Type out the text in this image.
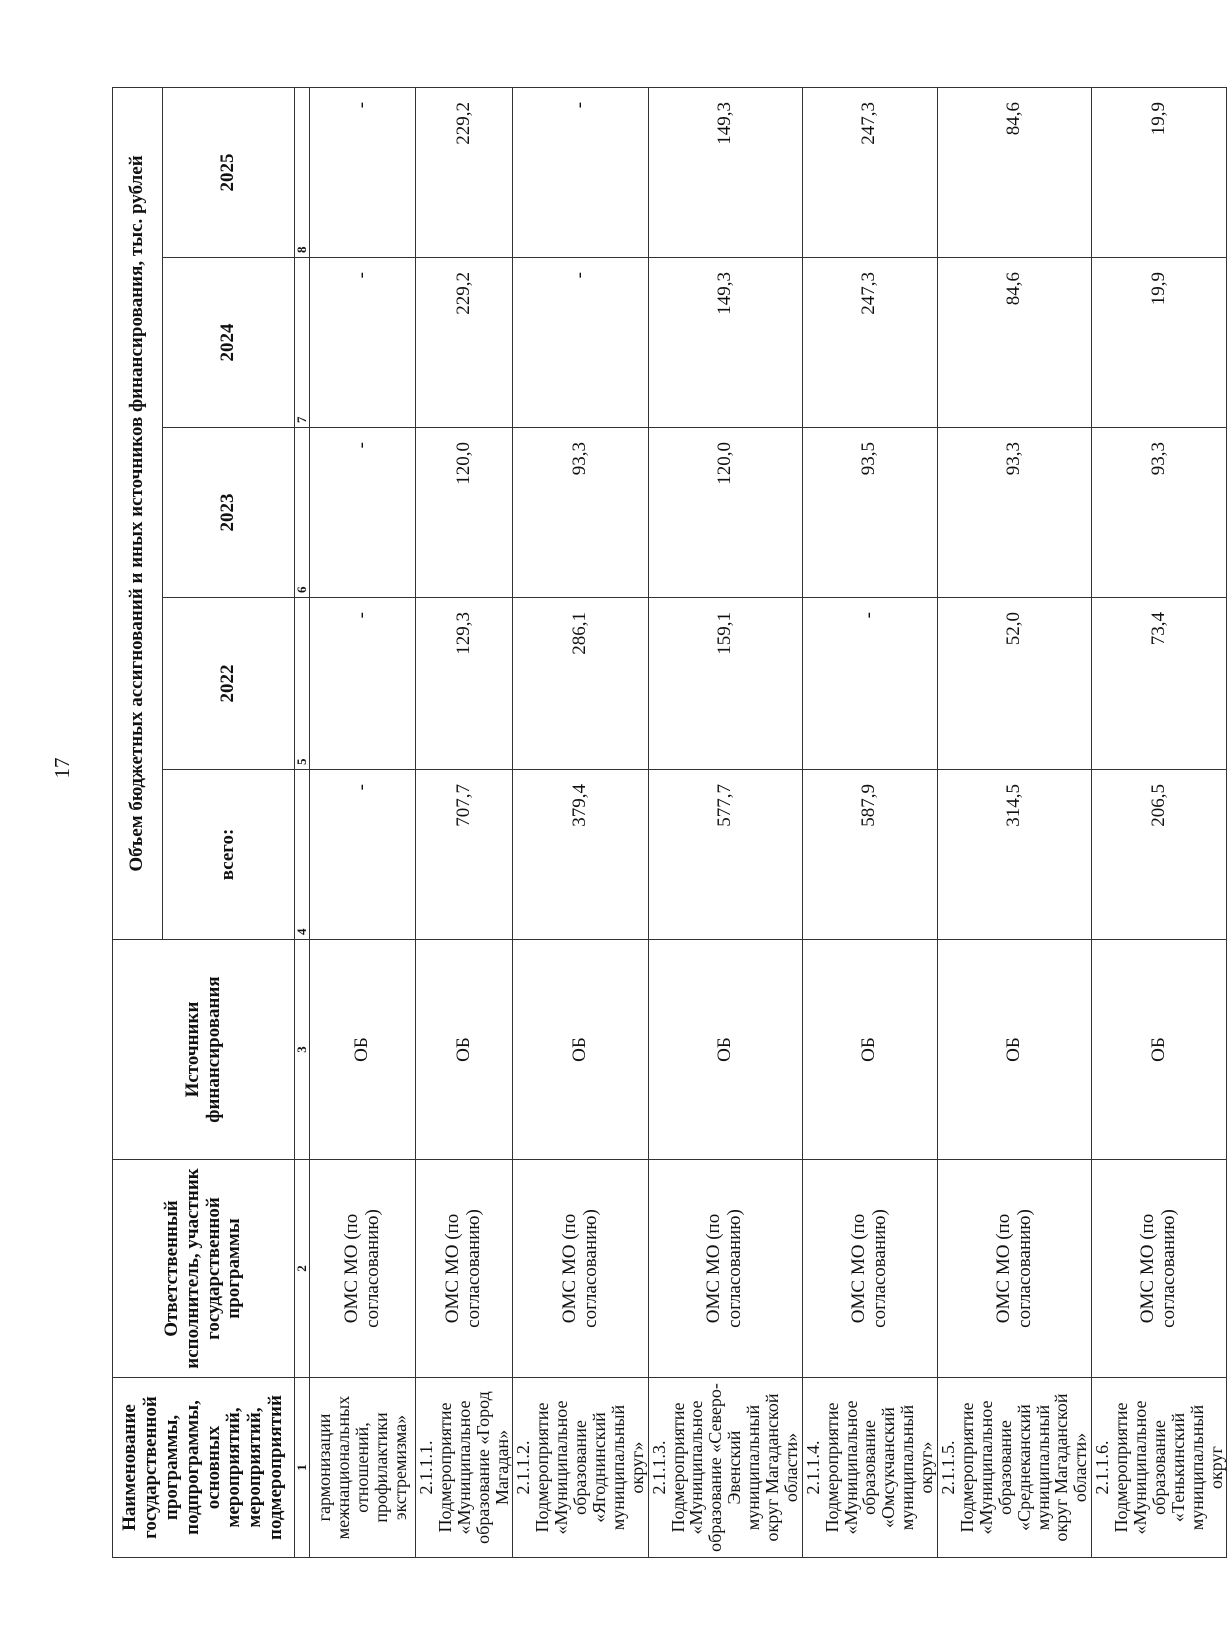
17
Наименование государственной программы, подпрограммы, основных мероприятий, мероприятий, подмероприятий	Ответственный исполнитель, участник государственной программы	Источники финансирования	Объем бюджетных ассигнований и иных источников финансирования, тыс. рублей				
			всего:	2022	2023	2024	2025
1	2	3	4	5	6	7	8
гармонизации межнациональных отношений, профилактики экстремизма»	ОМС МО (по согласованию)	ОБ	-	-	-	-	-
2.1.1.1. Подмероприятие «Муниципальное образование «Город Магадан»	ОМС МО (по согласованию)	ОБ	707,7	129,3	120,0	229,2	229,2
2.1.1.2. Подмероприятие «Муниципальное образование «Ягоднинский муниципальный округ»	ОМС МО (по согласованию)	ОБ	379,4	286,1	93,3	-	-
2.1.1.3. Подмероприятие «Муниципальное образование «Северо-Эвенский муниципальный округ Магаданской области»	ОМС МО (по согласованию)	ОБ	577,7	159,1	120,0	149,3	149,3
2.1.1.4. Подмероприятие «Муниципальное образование «Омсукчанский муниципальный округ»	ОМС МО (по согласованию)	ОБ	587,9	-	93,5	247,3	247,3
2.1.1.5. Подмероприятие «Муниципальное образование «Среднеканский муниципальный округ Магаданской области»	ОМС МО (по согласованию)	ОБ	314,5	52,0	93,3	84,6	84,6
2.1.1.6. Подмероприятие «Муниципальное образование «Тенькинский муниципальный округ	ОМС МО (по согласованию)	ОБ	206,5	73,4	93,3	19,9	19,9
